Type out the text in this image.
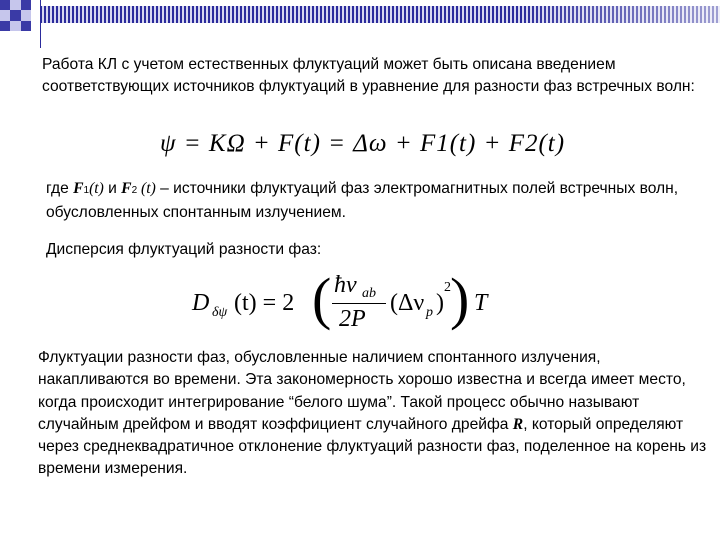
Работа КЛ с учетом естественных флуктуаций может быть описана введением соответствующих источников флуктуаций в уравнение для разности фаз встречных волн:
ψ = KΩ + F(t) = Δω + F1(t) + F2(t)
где F1(t) и F2 (t) – источники флуктуаций фаз электромагнитных полей встречных волн, обусловленных спонтанным излучением.
Дисперсия флуктуаций разности фаз:
D δψ (t) = 2 ( ħν ab
2P
(Δν p )
2 ) T
Флуктуации разности фаз, обусловленные наличием спонтанного излучения, накапливаются во времени. Эта закономерность хорошо известна и всегда имеет место, когда происходит интегрирование “белого шума”. Такой процесс обычно называют случайным дрейфом и вводят коэффициент случайного дрейфа R, который определяют через среднеквадратичное отклонение флуктуаций разности фаз, поделенное на корень из времени измерения.
